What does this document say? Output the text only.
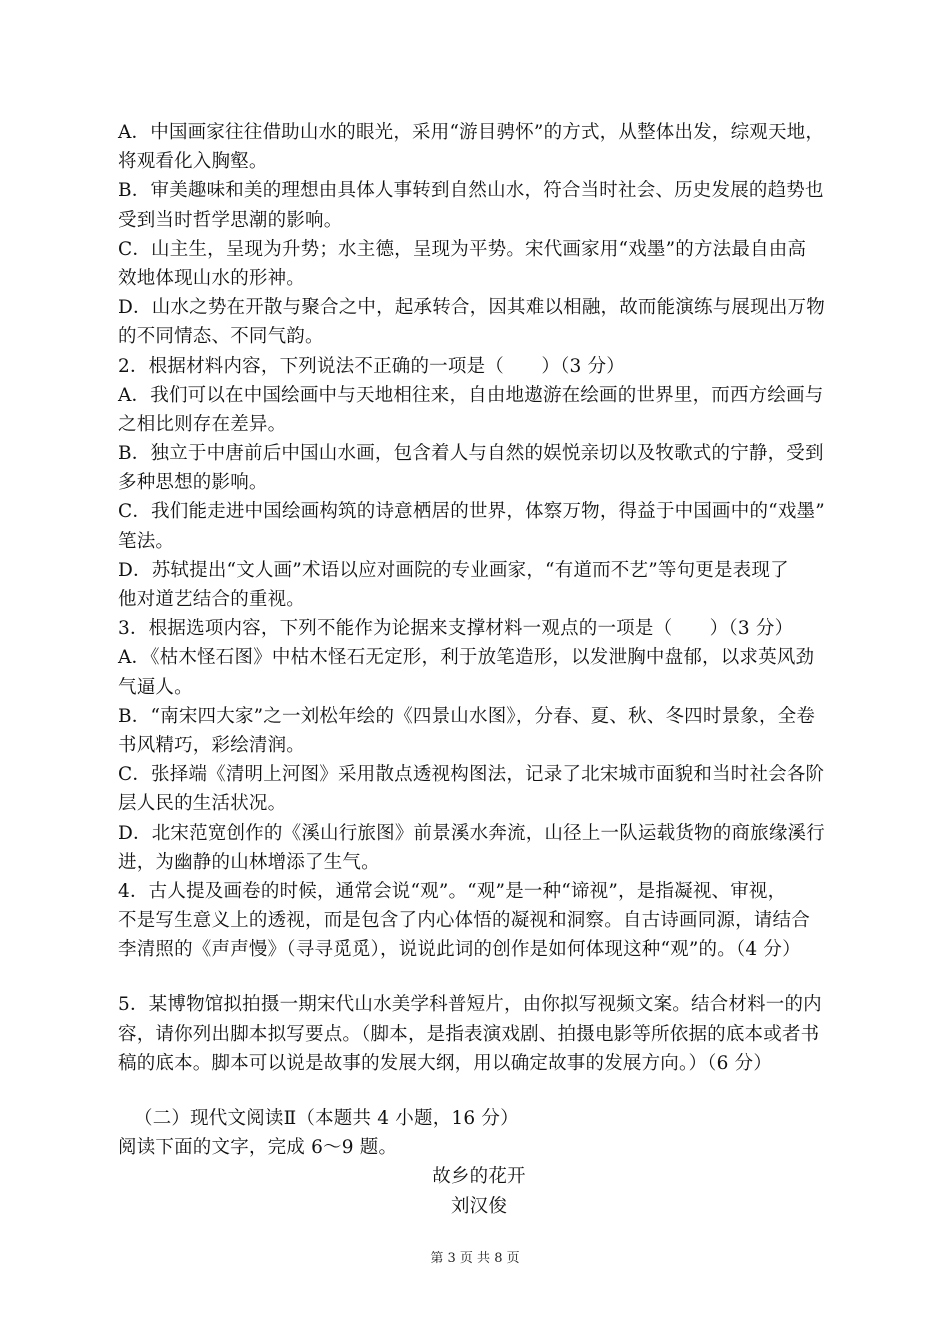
A．中国画家往往借助山水的眼光，采用“游目骋怀”的方式，从整体出发，综观天地，
将观看化入胸壑。
B．审美趣味和美的理想由具体人事转到自然山水，符合当时社会、历史发展的趋势也
受到当时哲学思潮的影响。
C．山主生，呈现为升势；水主德，呈现为平势。宋代画家用“戏墨”的方法最自由高
效地体现山水的形神。
D．山水之势在开散与聚合之中，起承转合，因其难以相融，故而能演练与展现出万物
的不同情态、不同气韵。
2．根据材料内容，下列说法不正确的一项是（　　）（3 分）
A．我们可以在中国绘画中与天地相往来，自由地遨游在绘画的世界里，而西方绘画与
之相比则存在差异。
B．独立于中唐前后中国山水画，包含着人与自然的娱悦亲切以及牧歌式的宁静，受到
多种思想的影响。
C．我们能走进中国绘画构筑的诗意栖居的世界，体察万物，得益于中国画中的“戏墨”
笔法。
D．苏轼提出“文人画”术语以应对画院的专业画家，“有道而不艺”等句更是表现了
他对道艺结合的重视。
3．根据选项内容，下列不能作为论据来支撑材料一观点的一项是（　　）（3 分）
A．《枯木怪石图》中枯木怪石无定形，利于放笔造形，以发泄胸中盘郁，以求英风劲
气逼人。
B．“南宋四大家”之一刘松年绘的《四景山水图》，分春、夏、秋、冬四时景象，全卷
书风精巧，彩绘清润。
C．张择端《清明上河图》采用散点透视构图法，记录了北宋城市面貌和当时社会各阶
层人民的生活状况。
D．北宋范宽创作的《溪山行旅图》前景溪水奔流，山径上一队运载货物的商旅缘溪行
进，为幽静的山林增添了生气。
4．古人提及画卷的时候，通常会说“观”。“观”是一种“谛视”，是指凝视、审视，
不是写生意义上的透视，而是包含了内心体悟的凝视和洞察。自古诗画同源，请结合
李清照的《声声慢》（寻寻觅觅），说说此词的创作是如何体现这种“观”的。（4 分）
5．某博物馆拟拍摄一期宋代山水美学科普短片，由你拟写视频文案。结合材料一的内
容，请你列出脚本拟写要点。（脚本，是指表演戏剧、拍摄电影等所依据的底本或者书
稿的底本。脚本可以说是故事的发展大纲，用以确定故事的发展方向。）（6 分）
（二）现代文阅读Ⅱ（本题共 4 小题，16 分）
阅读下面的文字，完成 6～9 题。
故乡的花开
刘汉俊
第 3 页 共 8 页
